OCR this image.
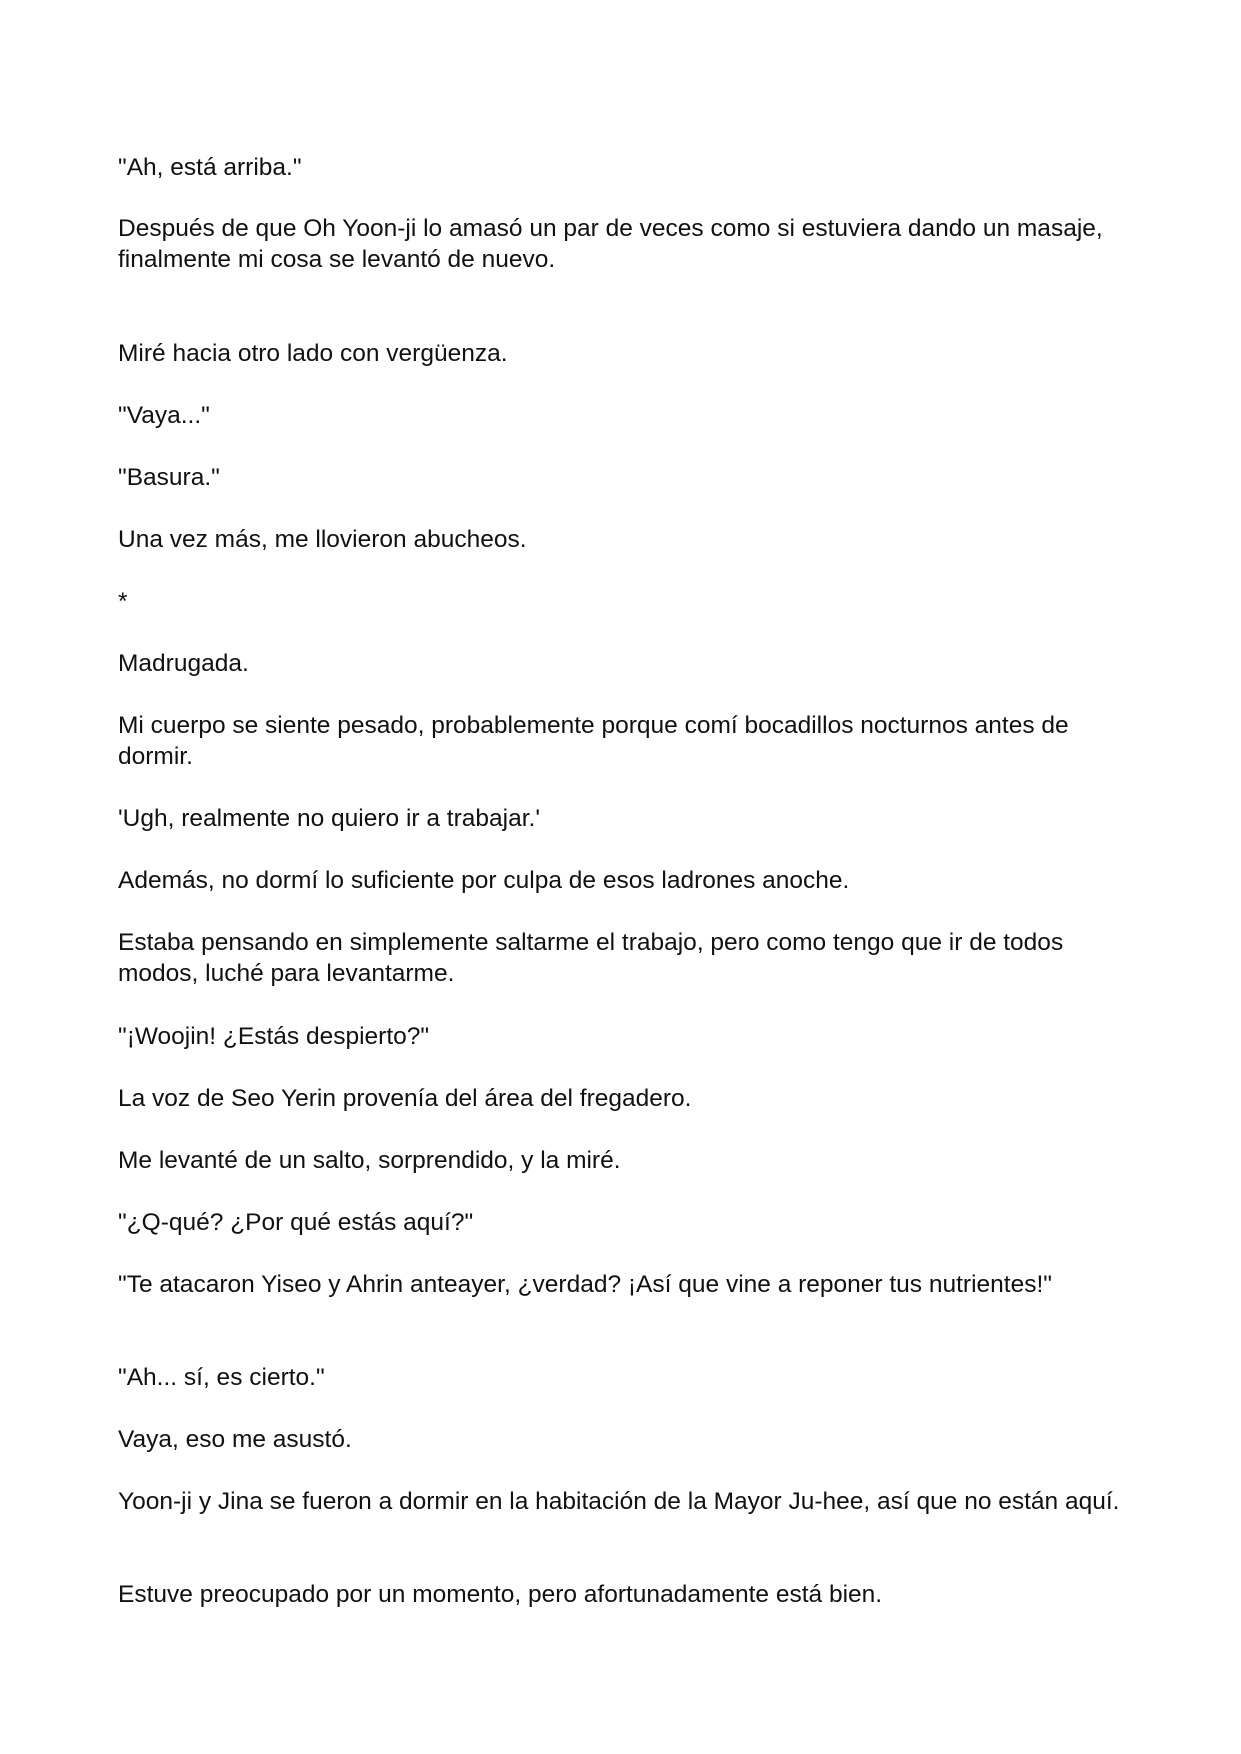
"Ah, está arriba."

Después de que Oh Yoon-ji lo amasó un par de veces como si estuviera dando un masaje, finalmente mi cosa se levantó de nuevo.

Miré hacia otro lado con vergüenza.

"Vaya..."

"Basura."

Una vez más, me llovieron abucheos.

*

Madrugada.

Mi cuerpo se siente pesado, probablemente porque comí bocadillos nocturnos antes de dormir.

'Ugh, realmente no quiero ir a trabajar.'

Además, no dormí lo suficiente por culpa de esos ladrones anoche.

Estaba pensando en simplemente saltarme el trabajo, pero como tengo que ir de todos modos, luché para levantarme.

"¡Woojin! ¿Estás despierto?"

La voz de Seo Yerin provenía del área del fregadero.

Me levanté de un salto, sorprendido, y la miré.

"¿Q-qué? ¿Por qué estás aquí?"

"Te atacaron Yiseo y Ahrin anteayer, ¿verdad? ¡Así que vine a reponer tus nutrientes!"

"Ah... sí, es cierto."

Vaya, eso me asustó.

Yoon-ji y Jina se fueron a dormir en la habitación de la Mayor Ju-hee, así que no están aquí.

Estuve preocupado por un momento, pero afortunadamente está bien.
